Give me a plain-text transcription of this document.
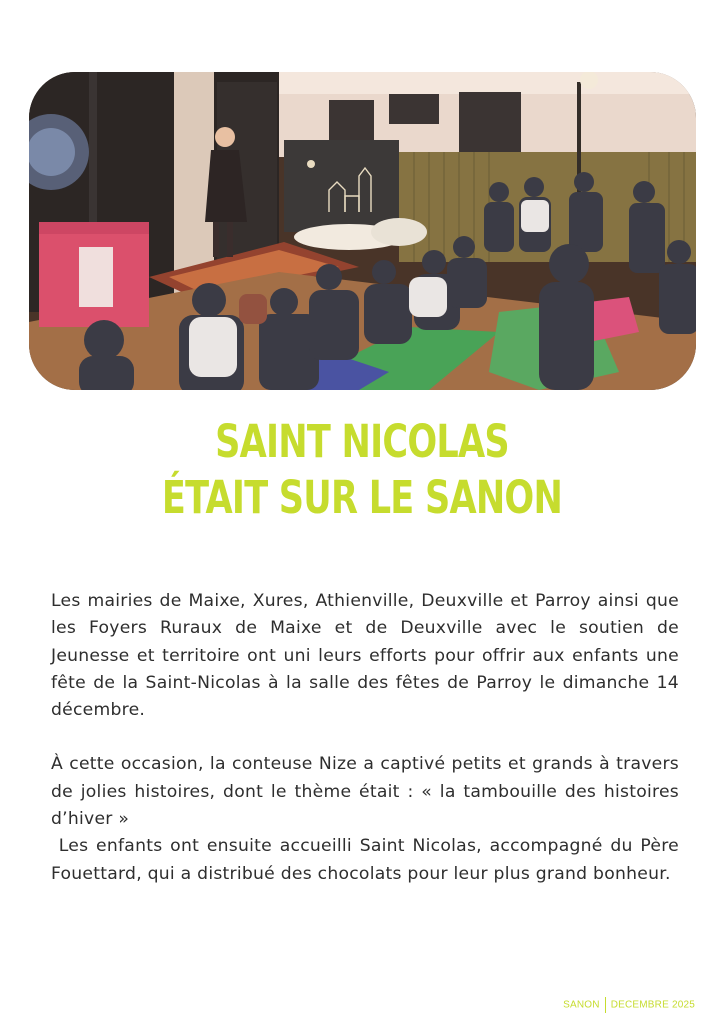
SAINT NICOLAS
ÉTAIT SUR LE SANON

Les mairies de Maixe, Xures, Athienville, Deuxville et Parroy ainsi que les Foyers Ruraux de Maixe et de Deuxville avec le soutien de Jeunesse et territoire ont uni leurs efforts pour offrir aux enfants une fête de la Saint-Nicolas à la salle des fêtes de Parroy le dimanche 14 décembre.

À cette occasion, la conteuse Nize a captivé petits et grands à travers de jolies histoires, dont le thème était : « la tambouille des histoires d’hiver »

Les enfants ont ensuite accueilli Saint Nicolas, accompagné du Père Fouettard, qui a distribué des chocolats pour leur plus grand bonheur.

SANON DECEMBRE 2025
